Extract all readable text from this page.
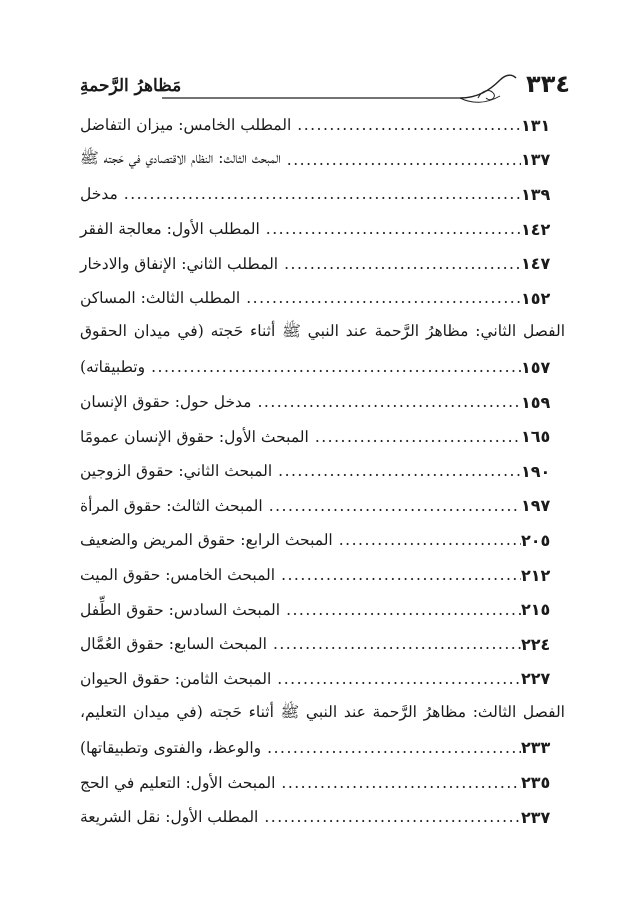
مَظاهرُ الرَّحمةِ	٣٣٤
المطلب الخامس: ميزان التفاضل .....	١٣١
المبحث الثالث: النظام الاقتصادي في حَجته ﷺ .....	١٣٧
مدخل .....	١٣٩
المطلب الأول: معالجة الفقر .....	١٤٢
المطلب الثاني: الإنفاق والادخار .....	١٤٧
المطلب الثالث: المساكن .....	١٥٢
الفصل الثاني: مظاهرُ الرَّحمة عند النبي ﷺ أثناء حَجته (في ميدان الحقوق
وتطبيقاته) .....	١٥٧
مدخل حول: حقوق الإنسان .....	١٥٩
المبحث الأول: حقوق الإنسان عمومًا .....	١٦٥
المبحث الثاني: حقوق الزوجين .....	١٩٠
المبحث الثالث: حقوق المرأة .....	١٩٧
المبحث الرابع: حقوق المريض والضعيف .....	٢٠٥
المبحث الخامس: حقوق الميت .....	٢١٢
المبحث السادس: حقوق الطِّفل .....	٢١٥
المبحث السابع: حقوق العُمَّال .....	٢٢٤
المبحث الثامن: حقوق الحيوان .....	٢٢٧
الفصل الثالث: مظاهرُ الرَّحمة عند النبي ﷺ أثناء حَجته (في ميدان التعليم،
والوعظ، والفتوى وتطبيقاتها) .....	٢٣٣
المبحث الأول: التعليم في الحج .....	٢٣٥
المطلب الأول: نقل الشريعة .....	٢٣٧
